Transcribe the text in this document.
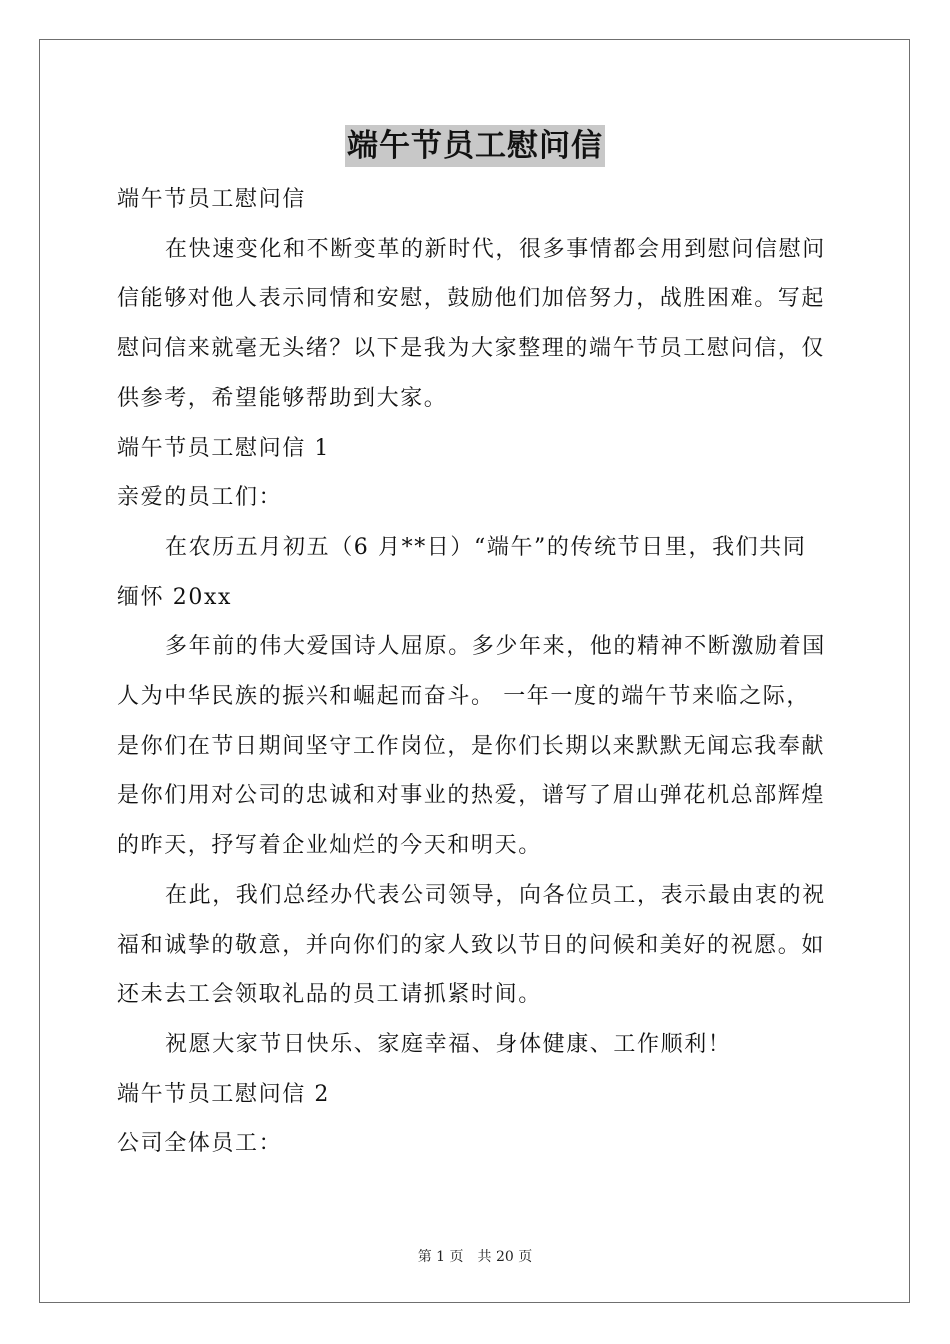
端午节员工慰问信

端午节员工慰问信

在快速变化和不断变革的新时代，很多事情都会用到慰问信慰问

信能够对他人表示同情和安慰，鼓励他们加倍努力，战胜困难。写起

慰问信来就毫无头绪？以下是我为大家整理的端午节员工慰问信，仅

供参考，希望能够帮助到大家。

端午节员工慰问信 1

亲爱的员工们：

在农历五月初五（6 月**日）“端午”的传统节日里，我们共同

缅怀 20xx

多年前的伟大爱国诗人屈原。多少年来，他的精神不断激励着国

人为中华民族的振兴和崛起而奋斗。 一年一度的端午节来临之际，

是你们在节日期间坚守工作岗位，是你们长期以来默默无闻忘我奉献

是你们用对公司的忠诚和对事业的热爱，谱写了眉山弹花机总部辉煌

的昨天，抒写着企业灿烂的今天和明天。

在此，我们总经办代表公司领导，向各位员工，表示最由衷的祝

福和诚挚的敬意，并向你们的家人致以节日的问候和美好的祝愿。如

还未去工会领取礼品的员工请抓紧时间。

祝愿大家节日快乐、家庭幸福、身体健康、工作顺利！

端午节员工慰问信 2

公司全体员工：

第 1 页 共 20 页
